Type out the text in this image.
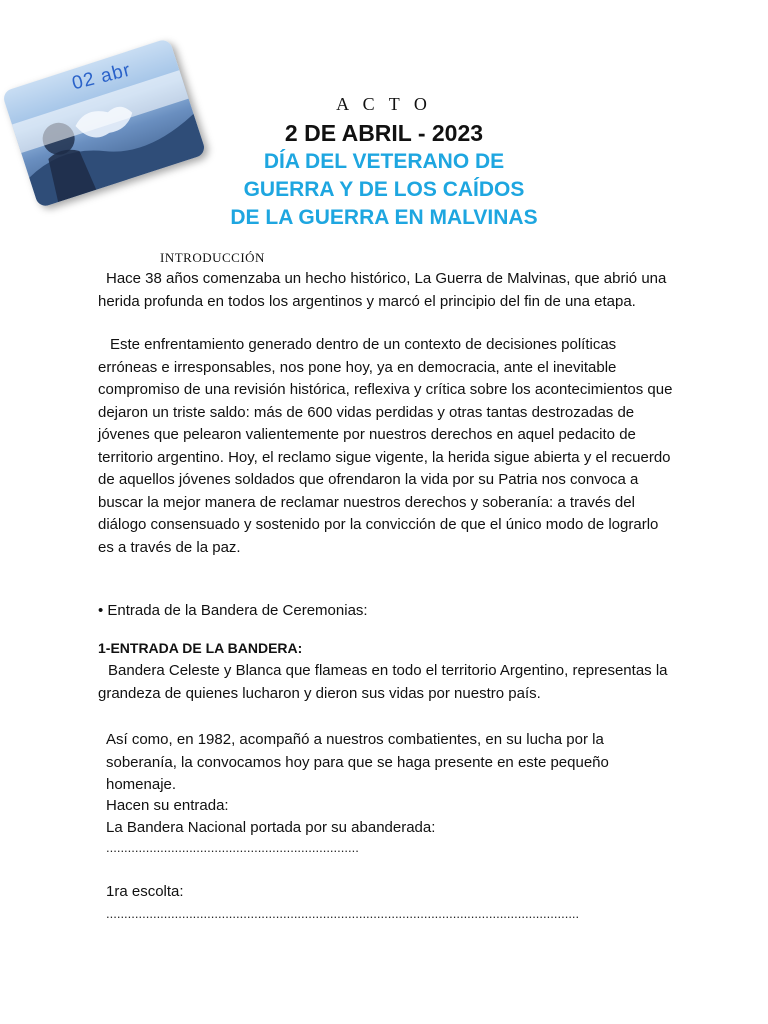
02 abr
A C T O
2 DE ABRIL - 2023
DÍA DEL VETERANO DE
GUERRA Y DE LOS CAÍDOS
DE LA GUERRA EN MALVINAS
INTRODUCCIÓN

Hace 38 años comenzaba un hecho histórico, La Guerra de Malvinas, que abrió una herida profunda en todos los argentinos y marcó el principio del fin de una etapa.

Este enfrentamiento generado dentro de un contexto de decisiones políticas erróneas e irresponsables, nos pone hoy, ya en democracia, ante el inevitable compromiso de una revisión histórica, reflexiva y crítica sobre los acontecimientos que dejaron un triste saldo: más de 600 vidas perdidas y otras tantas destrozadas de jóvenes que pelearon valientemente por nuestros derechos en aquel pedacito de territorio argentino. Hoy, el reclamo sigue vigente, la herida sigue abierta y el recuerdo de aquellos jóvenes soldados que ofrendaron la vida por su Patria nos convoca a buscar la mejor manera de reclamar nuestros derechos y soberanía: a través del diálogo consensuado y sostenido por la convicción de que el único modo de lograrlo es a través de la paz.

• Entrada de la Bandera de Ceremonias:
1-ENTRADA DE LA BANDERA:

Bandera Celeste y Blanca que flameas en todo el territorio Argentino, representas la grandeza de quienes lucharon y dieron sus vidas por nuestro país.

Así como, en 1982, acompañó a nuestros combatientes, en su lucha por la soberanía, la convocamos hoy para que se haga presente en este pequeño homenaje.

Hacen su entrada:
La Bandera Nacional portada por su abanderada:
......................................................................
1ra escolta:
...................................................................................................................................
